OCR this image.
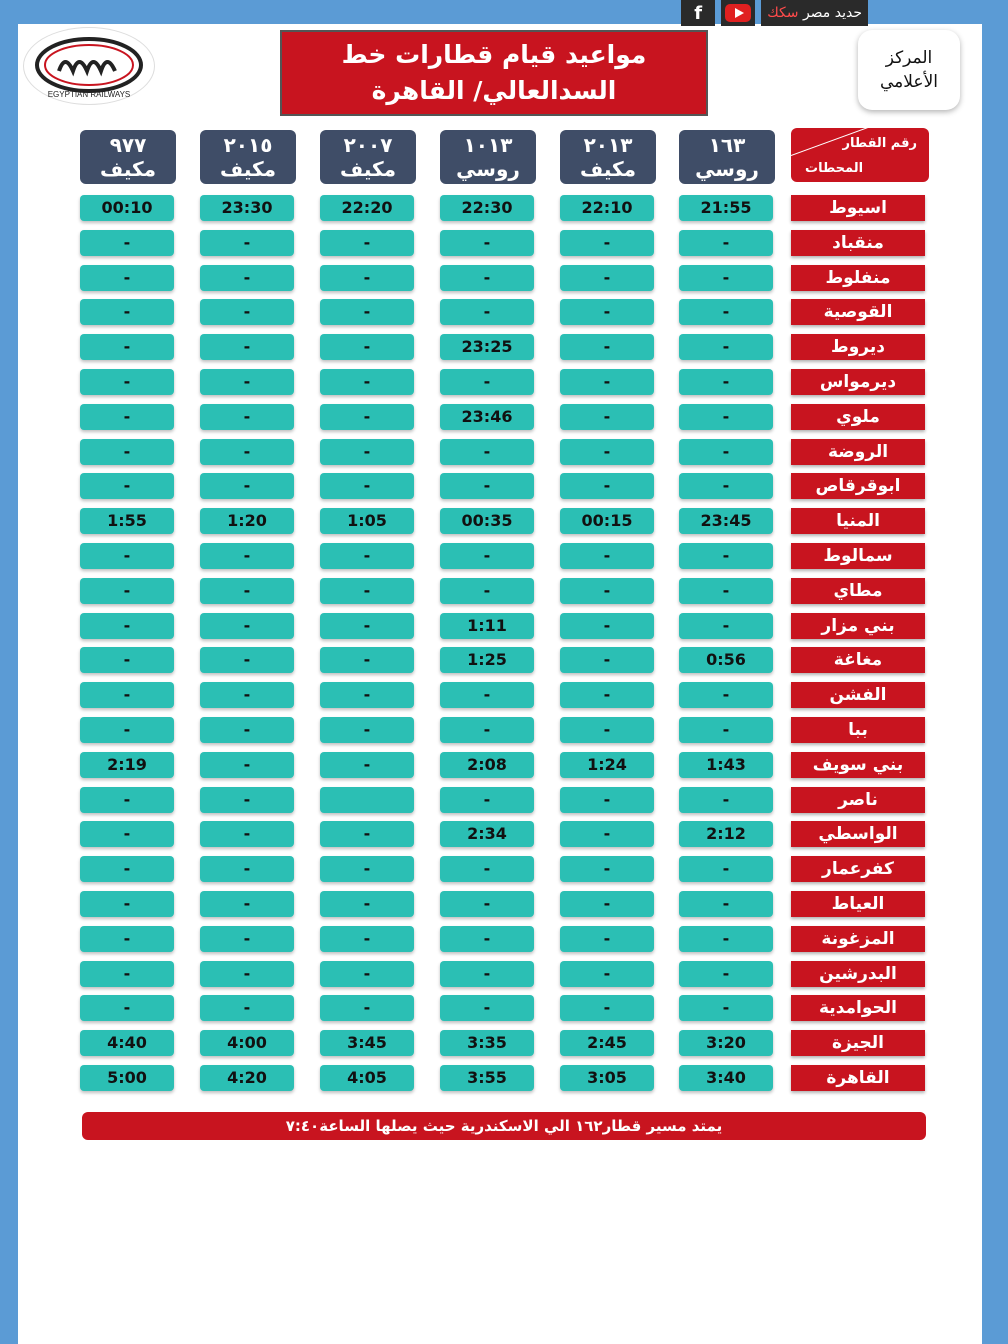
f	سكك
حديد مصر
EGYPTIAN RAILWAYS
المركز
الأعلامي
مواعيد قيام قطارات خط
السدالعالي/ القاهرة
رقم القطار
المحطات
١٦٣
روسي
٢٠١٣
مكيف
١٠١٣
روسي
٢٠٠٧
مكيف
٢٠١٥
مكيف
٩٧٧
مكيف
اسيوط
21:55
22:10
22:30
22:20
23:30
00:10
منقباد
-
-
-
-
-
-
منفلوط
-
-
-
-
-
-
القوصية
-
-
-
-
-
-
ديروط
-
-
23:25
-
-
-
ديرمواس
-
-
-
-
-
-
ملوي
-
-
23:46
-
-
-
الروضة
-
-
-
-
-
-
ابوقرقاص
-
-
-
-
-
-
المنيا
23:45
00:15
00:35
1:05
1:20
1:55
سمالوط
-
-
-
-
-
-
مطاي
-
-
-
-
-
-
بني مزار
-
-
1:11
-
-
-
مغاغة
0:56
-
1:25
-
-
-
الفشن
-
-
-
-
-
-
ببا
-
-
-
-
-
-
بني سويف
1:43
1:24
2:08
-
-
2:19
ناصر
-
-
-
-
-
الواسطي
2:12
-
2:34
-
-
-
كفرعمار
-
-
-
-
-
-
العياط
-
-
-
-
-
-
المزغونة
-
-
-
-
-
-
البدرشين
-
-
-
-
-
-
الحوامدية
-
-
-
-
-
-
الجيزة
3:20
2:45
3:35
3:45
4:00
4:40
القاهرة
3:40
3:05
3:55
4:05
4:20
5:00
يمتد مسير قطار١٦٢ الي الاسكندرية حيث يصلها الساعة٧:٤٠
